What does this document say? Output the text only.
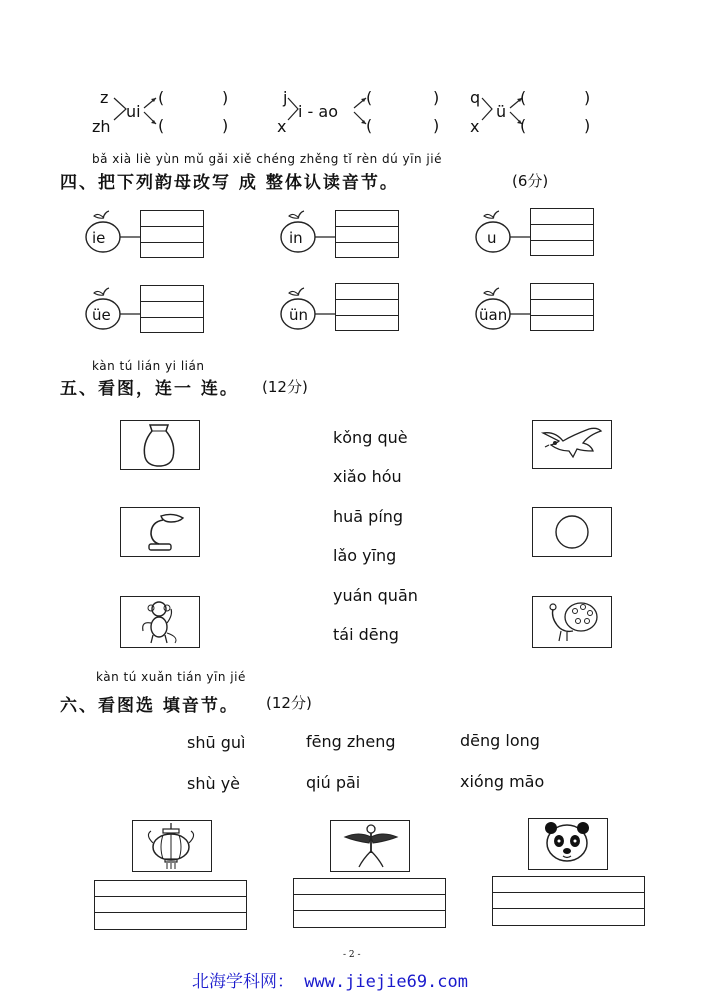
z
zh
ui
(	)
(	)
j
x
i - ao
(	)
(	)
q
x
ü
(	)
(	)
bǎ xià liè yùn mǔ gǎi xiě chéng zhěng tǐ rèn dú yīn jié
四、把下列韵母改写 成 整体认读音节。	(6分)
ie	in	u
üe	ün	üan
kàn tú lián yi lián
五、看图，连一 连。 (12分)
kǒng què
xiǎo hóu
huā píng
lǎo yīng
yuán quān
tái dēng
kàn tú xuǎn tián yīn jié
六、看图选 填音节。 (12分)
shū guì	fēng zheng	dēng long
shù yè	qiú pāi	xióng māo
- 2 -
北海学科网： www.jiejie69.com
